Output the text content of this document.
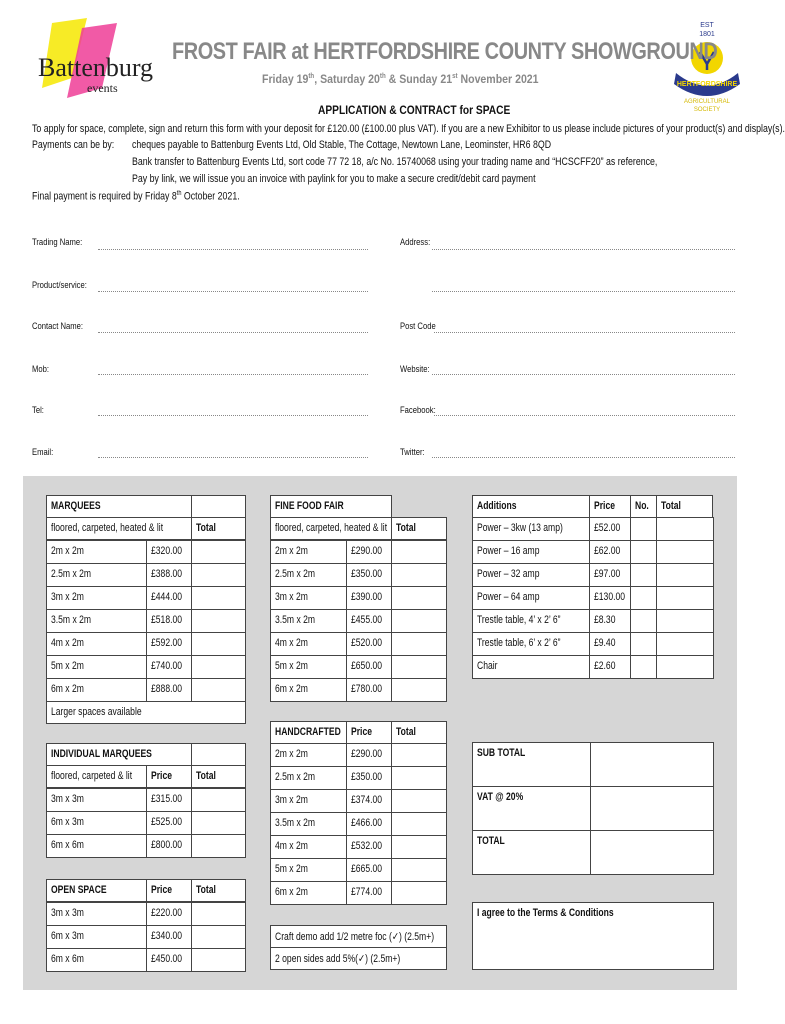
Battenburg
events
EST
1801
HERTFORDSHIRE
AGRICULTURAL
SOCIETY
FROST FAIR at HERTFORDSHIRE COUNTY SHOWGROUND
Friday 19th, Saturday 20th & Sunday 21st November 2021
APPLICATION & CONTRACT for SPACE
To apply for space, complete, sign and return this form with your deposit for £120.00 (£100.00 plus VAT). If you are a new Exhibitor to us please include pictures of your product(s) and display(s).
Payments can be by: cheques payable to Battenburg Events Ltd, Old Stable, The Cottage, Newtown Lane, Leominster, HR6 8QD
Bank transfer to Battenburg Events Ltd, sort code 77 72 18, a/c No. 15740068 using your trading name and “HCSCFF20” as reference,
Pay by link, we will issue you an invoice with paylink for you to make a secure credit/debit card payment
Final payment is required by Friday 8th October 2021.
Trading Name:	Address:
Product/service:
Contact Name:	Post Code
Mob:	Website:
Tel:	Facebook:
Email:	Twitter:
MARQUEES
floored, carpeted, heated & lit	Total
2m x 2m	£320.00
2.5m x 2m	£388.00
3m x 2m	£444.00
3.5m x 2m	£518.00
4m x 2m	£592.00
5m x 2m	£740.00
6m x 2m	£888.00
Larger spaces available
INDIVIDUAL MARQUEES
floored, carpeted & lit Price Total
3m x 3m	£315.00
6m x 3m	£525.00
6m x 6m	£800.00
OPEN SPACE	Price Total
3m x 3m	£220.00
6m x 3m	£340.00
6m x 6m	£450.00
FINE FOOD FAIR
floored, carpeted, heated & lit Total
2m x 2m	£290.00
2.5m x 2m	£350.00
3m x 2m	£390.00
3.5m x 2m	£455.00
4m x 2m	£520.00
5m x 2m	£650.00
6m x 2m	£780.00
HANDCRAFTED Price Total
2m x 2m	£290.00
2.5m x 2m	£350.00
3m x 2m	£374.00
3.5m x 2m	£466.00
4m x 2m	£532.00
5m x 2m	£665.00
6m x 2m	£774.00
Craft demo add 1/2 metre foc (✓) (2.5m+)
2 open sides add 5%(✓) (2.5m+)
Additions	Price No. Total
Power – 3kw (13 amp)	£52.00
Power – 16 amp	£62.00
Power – 32 amp	£97.00
Power – 64 amp	£130.00
Trestle table, 4’ x 2’ 6”	£8.30
Trestle table, 6’ x 2’ 6”	£9.40
Chair	£2.60
SUB TOTAL
VAT @ 20%
TOTAL
I agree to the Terms & Conditions
